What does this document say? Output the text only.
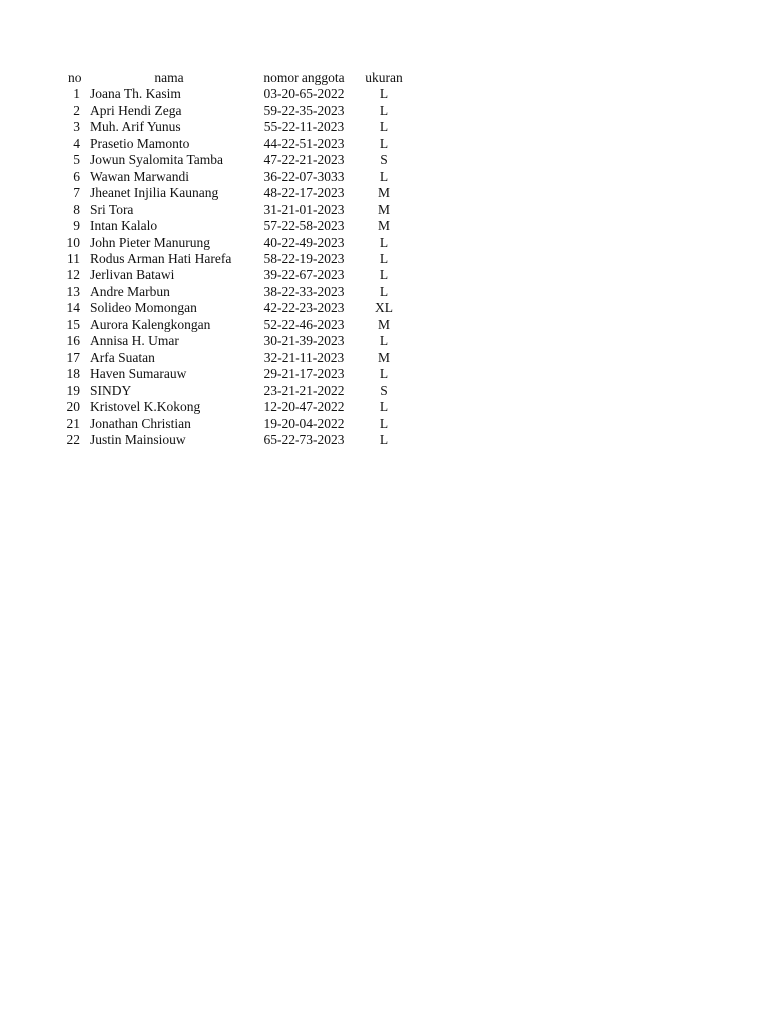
no	nama	nomor anggota	ukuran
1	Joana Th. Kasim	03-20-65-2022	L
2	Apri Hendi Zega	59-22-35-2023	L
3	Muh. Arif Yunus	55-22-11-2023	L
4	Prasetio Mamonto	44-22-51-2023	L
5	Jowun Syalomita Tamba	47-22-21-2023	S
6	Wawan Marwandi	36-22-07-3033	L
7	Jheanet Injilia Kaunang	48-22-17-2023	M
8	Sri Tora	31-21-01-2023	M
9	Intan Kalalo	57-22-58-2023	M
10	John Pieter Manurung	40-22-49-2023	L
11	Rodus Arman Hati Harefa	58-22-19-2023	L
12	Jerlivan Batawi	39-22-67-2023	L
13	Andre Marbun	38-22-33-2023	L
14	Solideo Momongan	42-22-23-2023	XL
15	Aurora Kalengkongan	52-22-46-2023	M
16	Annisa H. Umar	30-21-39-2023	L
17	Arfa Suatan	32-21-11-2023	M
18	Haven Sumarauw	29-21-17-2023	L
19	SINDY	23-21-21-2022	S
20	Kristovel K.Kokong	12-20-47-2022	L
21	Jonathan Christian	19-20-04-2022	L
22	Justin Mainsiouw	65-22-73-2023	L
